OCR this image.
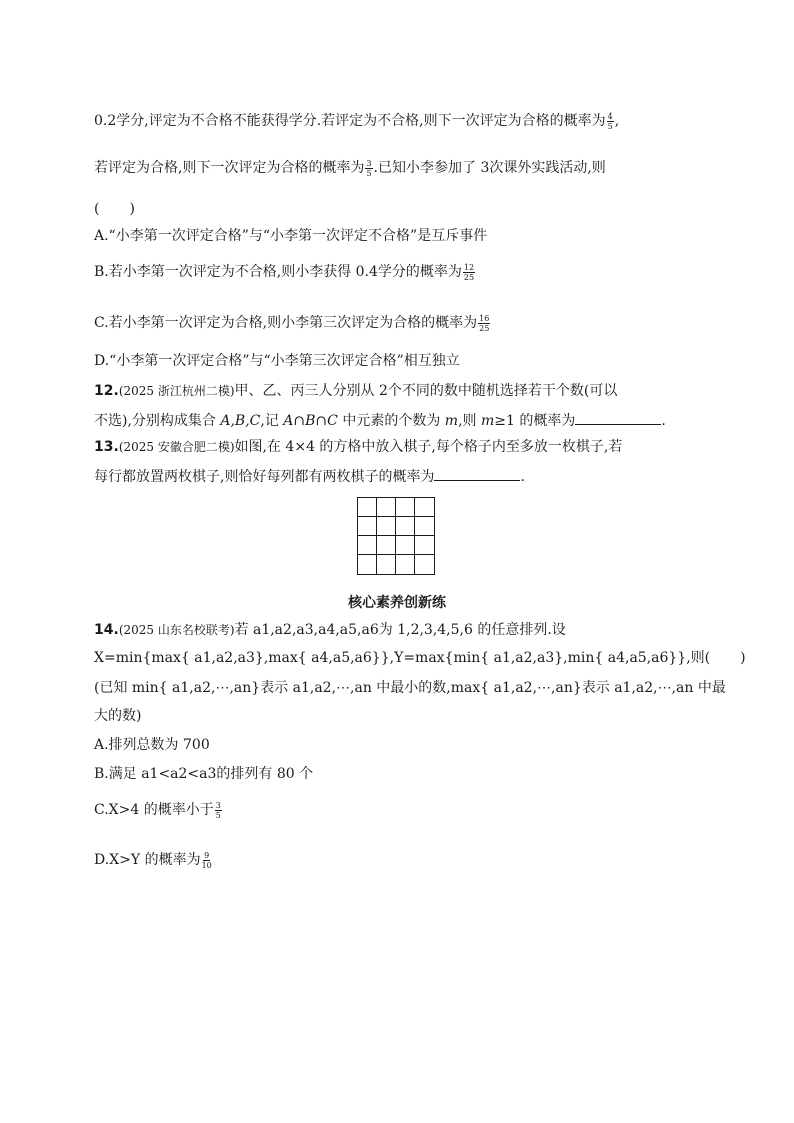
0.2学分,评定为不合格不能获得学分.若评定为不合格,则下一次评定为合格的概率为 $\frac{4}{5}$ ,
若评定为合格,则下一次评定为合格的概率为 $\frac{3}{5}$ .已知小李参加了 3次课外实践活动,则
( )
A.“小李第一次评定合格”与“小李第一次评定不合格”是互斥事件
B.若小李第一次评定为不合格,则小李获得 0.4学分的概率为 $\frac{12}{25}$
C.若小李第一次评定为合格,则小李第三次评定为合格的概率为 $\frac{16}{25}$
D.“小李第一次评定合格”与“小李第三次评定合格”相互独立
12.(2025 浙江杭州二模)甲、乙、丙三人分别从 2个不同的数中随机选择若干个数(可以
不选),分别构成集合 A,B,C,记 A∩B∩C 中元素的个数为 m,则 m≥1 的概率为	.
13.(2025 安徽合肥二模)如图,在 4×4 的方格中放入棋子,每个格子内至多放一枚棋子,若
每行都放置两枚棋子,则恰好每列都有两枚棋子的概率为	.
核心素养创新练
14.(2025 山东名校联考)若 a1,a2,a3,a4,a5,a6为 1,2,3,4,5,6 的任意排列.设
X=min{max{ a1,a2,a3},max{ a4,a5,a6}},Y=max{min{ a1,a2,a3},min{ a4,a5,a6}},则( )
(已知 min{ a1,a2,⋯,an}表示 a1,a2,⋯,an 中最小的数,max{ a1,a2,⋯,an}表示 a1,a2,⋯,an 中最
大的数)
A.排列总数为 700
B.满足 a1<a2<a3的排列有 80 个
C.X>4 的概率小于 $\frac{3}{5}$
D.X>Y 的概率为 $\frac{9}{10}$
